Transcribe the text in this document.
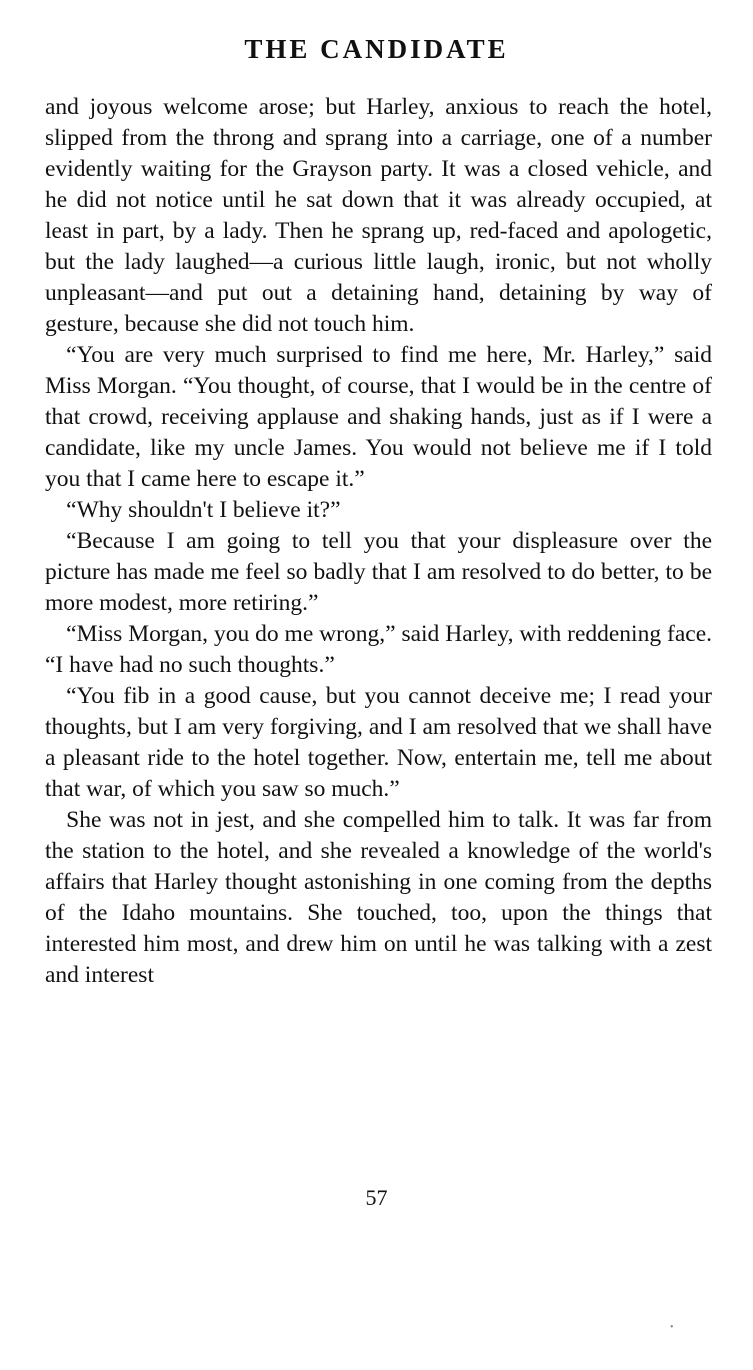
THE CANDIDATE

and joyous welcome arose; but Harley, anxious to reach the hotel, slipped from the throng and sprang into a carriage, one of a number evidently waiting for the Grayson party. It was a closed vehicle, and he did not notice until he sat down that it was already occupied, at least in part, by a lady. Then he sprang up, red-faced and apologetic, but the lady laughed—a curious little laugh, ironic, but not wholly unpleasant—and put out a detaining hand, detaining by way of gesture, because she did not touch him.

“You are very much surprised to find me here, Mr. Harley,” said Miss Morgan. “You thought, of course, that I would be in the centre of that crowd, receiving applause and shaking hands, just as if I were a candidate, like my uncle James. You would not believe me if I told you that I came here to escape it.”

“Why shouldn't I believe it?”

“Because I am going to tell you that your displeasure over the picture has made me feel so badly that I am resolved to do better, to be more modest, more retiring.”

“Miss Morgan, you do me wrong,” said Harley, with reddening face. “I have had no such thoughts.”

“You fib in a good cause, but you cannot deceive me; I read your thoughts, but I am very forgiving, and I am resolved that we shall have a pleasant ride to the hotel together. Now, entertain me, tell me about that war, of which you saw so much.”

She was not in jest, and she compelled him to talk. It was far from the station to the hotel, and she revealed a knowledge of the world's affairs that Harley thought astonishing in one coming from the depths of the Idaho mountains. She touched, too, upon the things that interested him most, and drew him on until he was talking with a zest and interest

57
•
